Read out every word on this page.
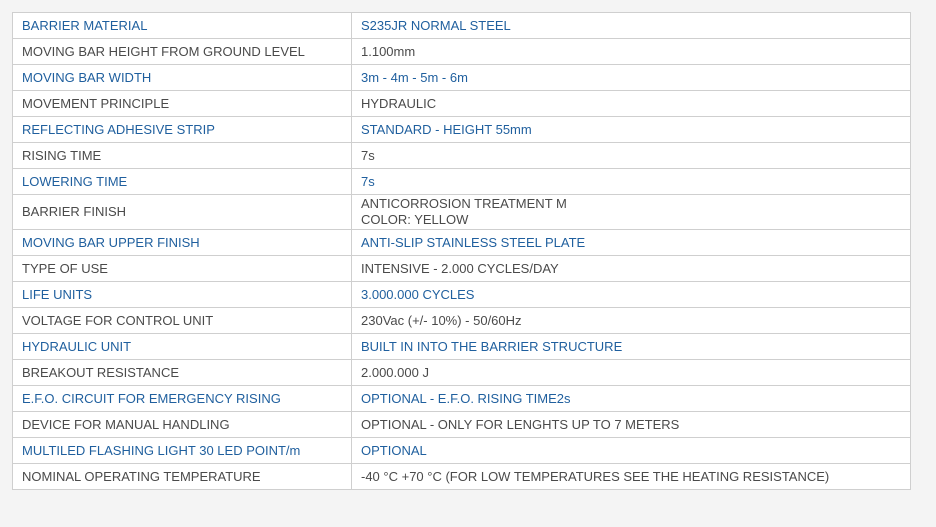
BARRIER MATERIAL	S235JR NORMAL STEEL

MOVING BAR HEIGHT FROM GROUND LEVEL	1.100mm

MOVING BAR WIDTH	3m - 4m - 5m - 6m

MOVEMENT PRINCIPLE	HYDRAULIC

REFLECTING ADHESIVE STRIP	STANDARD - HEIGHT 55mm

RISING TIME	7s

LOWERING TIME	7s

BARRIER FINISH	ANTICORROSION TREATMENT M
COLOR: YELLOW

MOVING BAR UPPER FINISH	ANTI-SLIP STAINLESS STEEL PLATE

TYPE OF USE	INTENSIVE - 2.000 CYCLES/DAY

LIFE UNITS	3.000.000 CYCLES

VOLTAGE FOR CONTROL UNIT	230Vac (+/- 10%) - 50/60Hz

HYDRAULIC UNIT	BUILT IN INTO THE BARRIER STRUCTURE

BREAKOUT RESISTANCE	2.000.000 J

E.F.O. CIRCUIT FOR EMERGENCY RISING	OPTIONAL - E.F.O. RISING TIME2s

DEVICE FOR MANUAL HANDLING	OPTIONAL - ONLY FOR LENGHTS UP TO 7 METERS

MULTILED FLASHING LIGHT 30 LED POINT/m	OPTIONAL

NOMINAL OPERATING TEMPERATURE	-40 °C +70 °C (FOR LOW TEMPERATURES SEE THE HEATING RESISTANCE)
